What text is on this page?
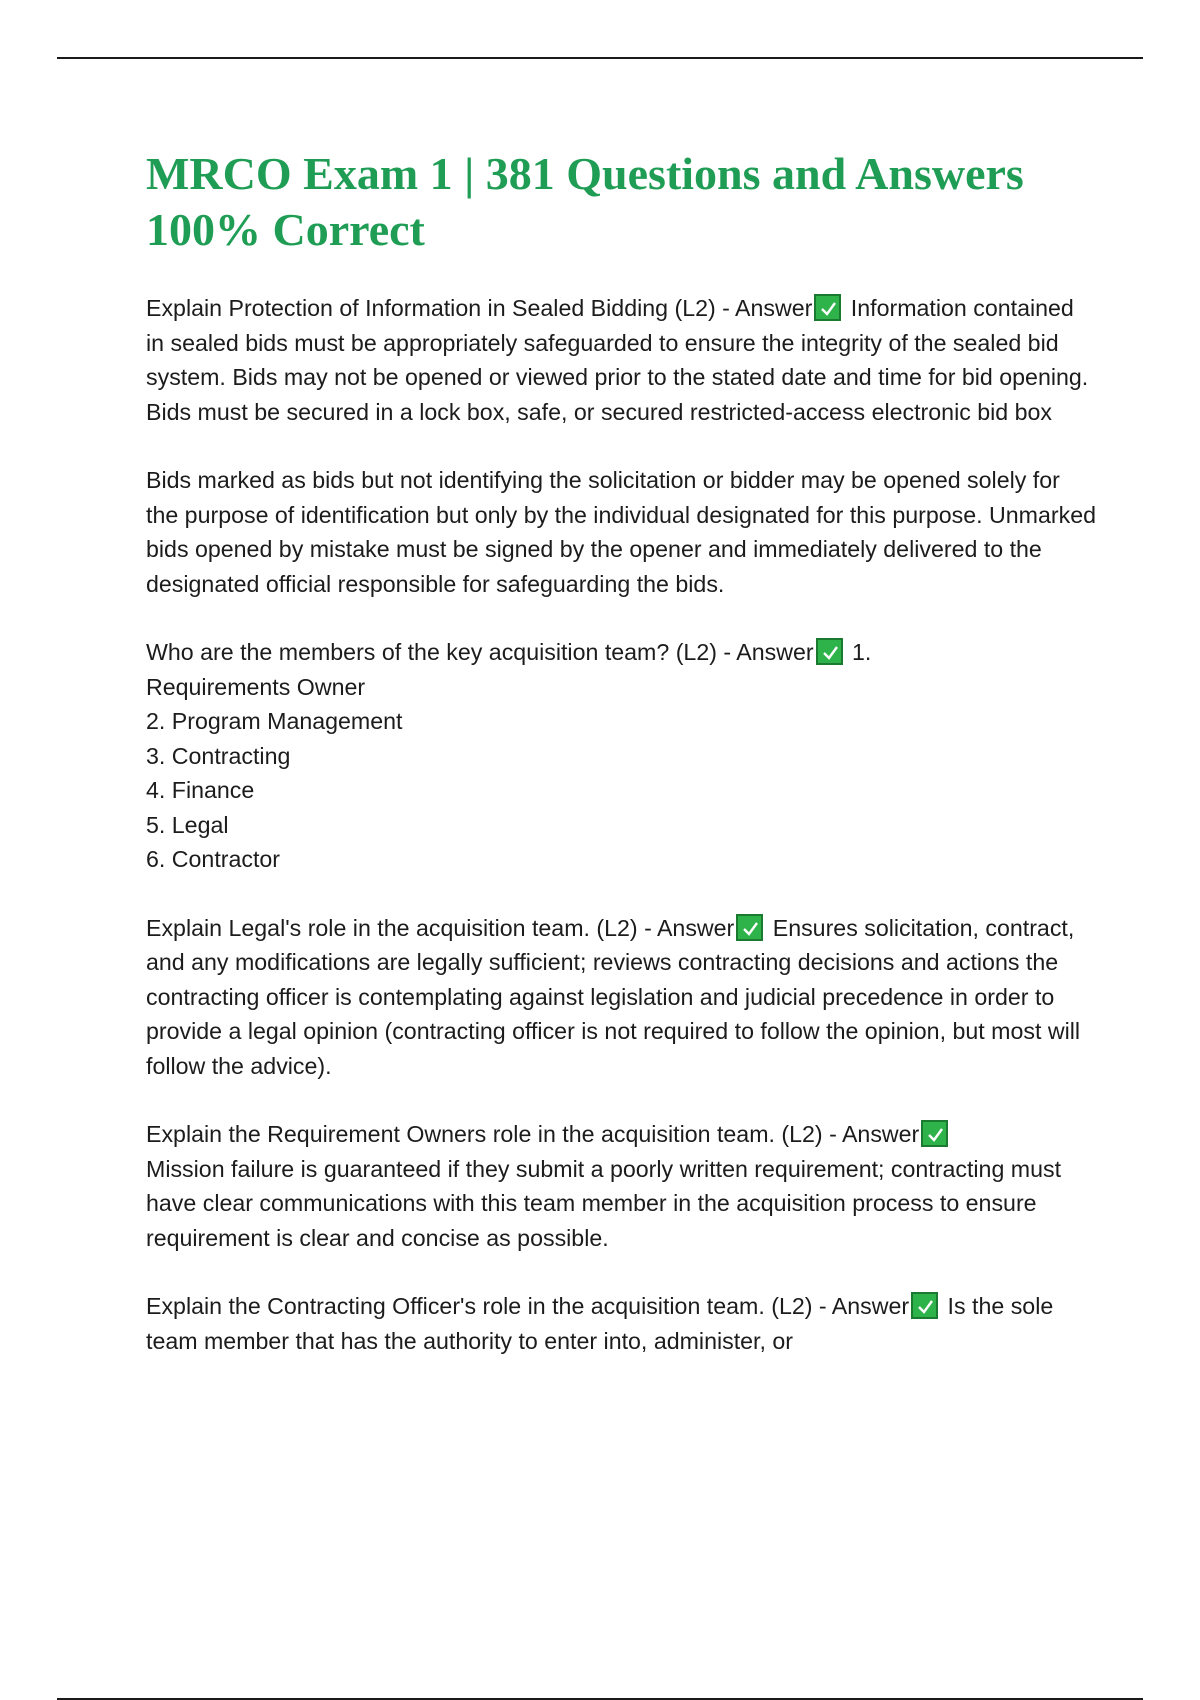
MRCO Exam 1 | 381 Questions and Answers 100% Correct

Explain Protection of Information in Sealed Bidding (L2) - Answer
Information contained in sealed bids must be appropriately safeguarded to ensure the integrity of the sealed bid system. Bids may not be opened or viewed prior to the stated date and time for bid opening. Bids must be secured in a lock box, safe, or secured restricted-access electronic bid box

Bids marked as bids but not identifying the solicitation or bidder may be opened solely for the purpose of identification but only by the individual designated for this purpose. Unmarked bids opened by mistake must be signed by the opener and immediately delivered to the designated official responsible for safeguarding the bids.

Who are the members of the key acquisition team? (L2) - Answer
1.
Requirements Owner
2. Program Management
3. Contracting
4. Finance
5. Legal
6. Contractor

Explain Legal's role in the acquisition team. (L2) - Answer
Ensures solicitation, contract, and any modifications are legally sufficient; reviews contracting decisions and actions the contracting officer is contemplating against legislation and judicial precedence in order to provide a legal opinion (contracting officer is not required to follow the opinion, but most will follow the advice).

Explain the Requirement Owners role in the acquisition team. (L2) - Answer

Mission failure is guaranteed if they submit a poorly written requirement; contracting must have clear communications with this team member in the acquisition process to ensure requirement is clear and concise as possible.

Explain the Contracting Officer's role in the acquisition team. (L2) - Answer
Is the sole team member that has the authority to enter into, administer, or
